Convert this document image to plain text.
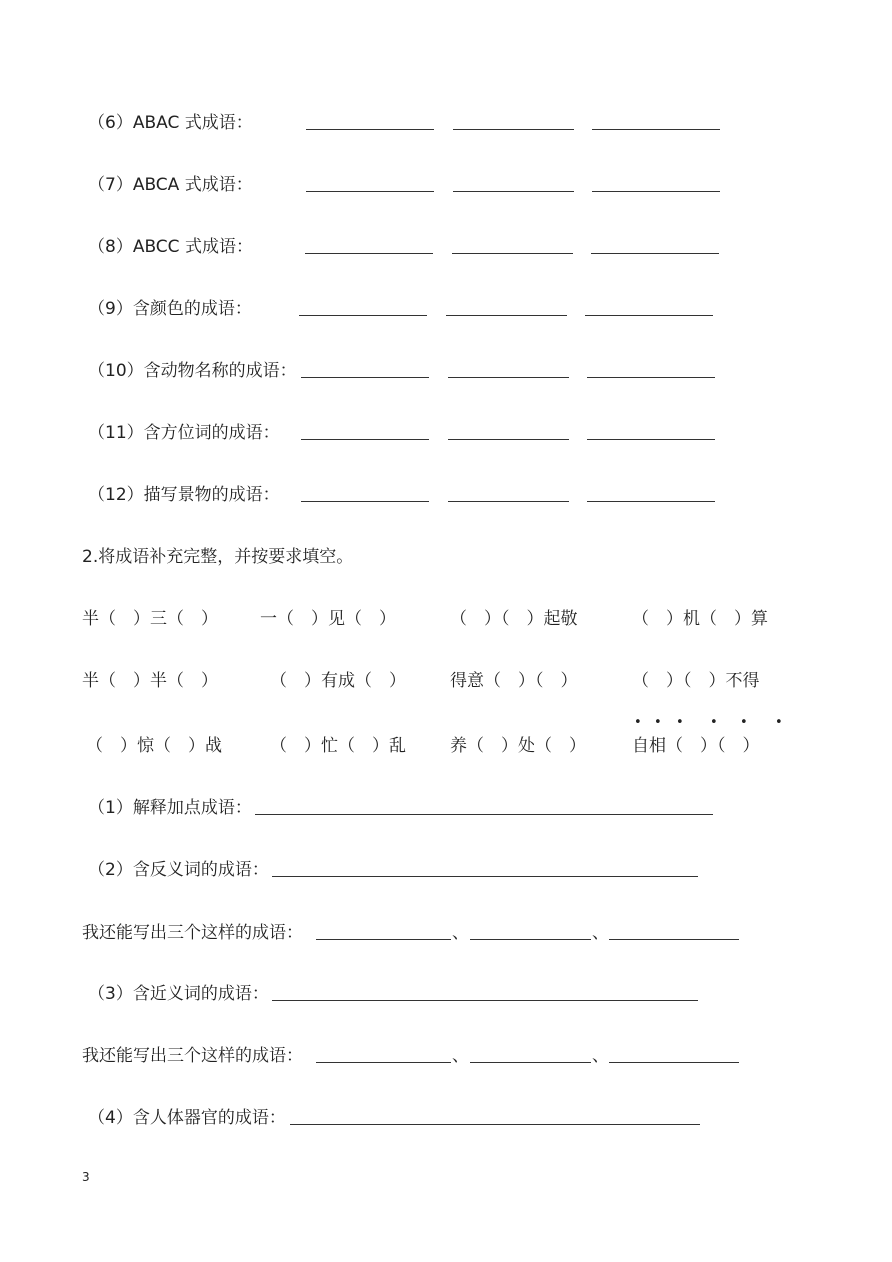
（6）ABAC 式成语：
（7）ABCA 式成语：
（8）ABCC 式成语：
（9）含颜色的成语：
（10）含动物名称的成语：
（11）含方位词的成语：
（12）描写景物的成语：
2.将成语补充完整，并按要求填空。
半（　）三（　） 一（　）见（　）	（　）（　）起敬	（　）机（　）算
半（　）半（　）	（　）有成（　）	得意（　）（　）	（　）（　）不得
• • • • • •
（　）惊（　）战	（　）忙（　）乱	养（　）处（　）	自相（　）（　）
（1）解释加点成语：
（2）含反义词的成语：
我还能写出三个这样的成语：	、	、
（3）含近义词的成语：
我还能写出三个这样的成语：	、	、
（4）含人体器官的成语：
3
